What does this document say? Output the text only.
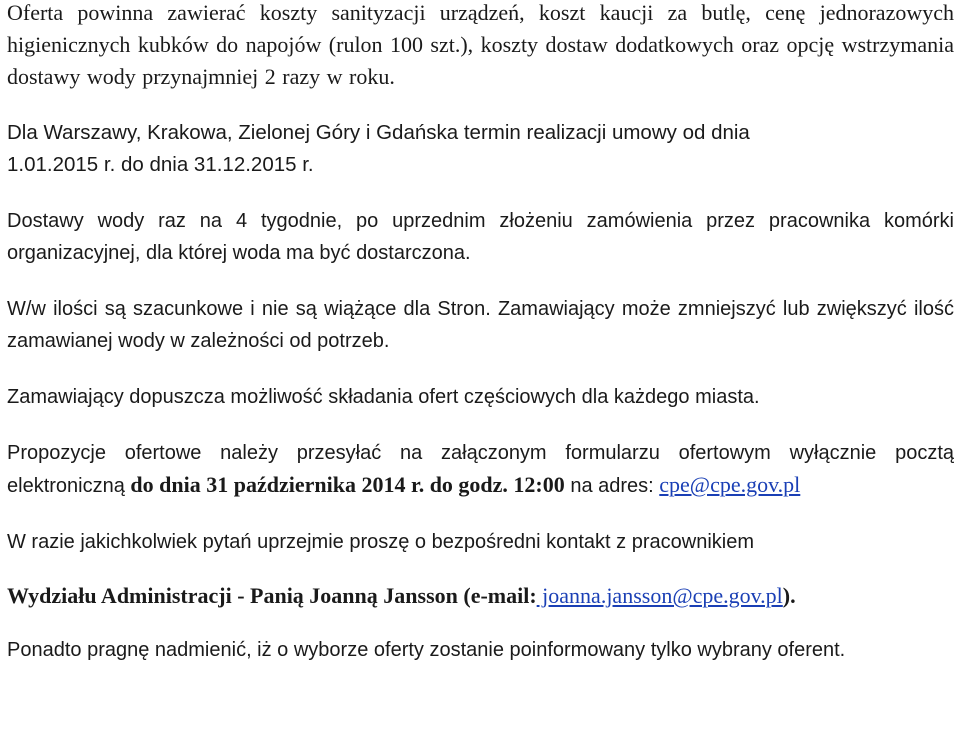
Oferta powinna zawierać koszty sanityzacji urządzeń, koszt kaucji za butlę, cenę jednorazowych higienicznych kubków do napojów (rulon 100 szt.), koszty dostaw dodatkowych oraz opcję wstrzymania dostawy wody przynajmniej 2 razy w roku.

Dla Warszawy, Krakowa, Zielonej Góry i Gdańska termin realizacji umowy od dnia
1.01.2015 r. do dnia 31.12.2015 r.

Dostawy wody raz na 4 tygodnie, po uprzednim złożeniu zamówienia przez pracownika komórki organizacyjnej, dla której woda ma być dostarczona.

W/w ilości są szacunkowe i nie są wiążące dla Stron. Zamawiający może zmniejszyć lub zwiększyć ilość zamawianej wody w zależności od potrzeb.

Zamawiający dopuszcza możliwość składania ofert częściowych dla każdego miasta.

Propozycje ofertowe należy przesyłać na załączonym formularzu ofertowym wyłącznie pocztą elektroniczną do dnia 31 października 2014 r. do godz. 12:00 na adres: cpe@cpe.gov.pl

W razie jakichkolwiek pytań uprzejmie proszę o bezpośredni kontakt z pracownikiem

Wydziału Administracji - Panią Joanną Jansson (e-mail: joanna.jansson@cpe.gov.pl).

Ponadto pragnę nadmienić, iż o wyborze oferty zostanie poinformowany tylko wybrany oferent.
